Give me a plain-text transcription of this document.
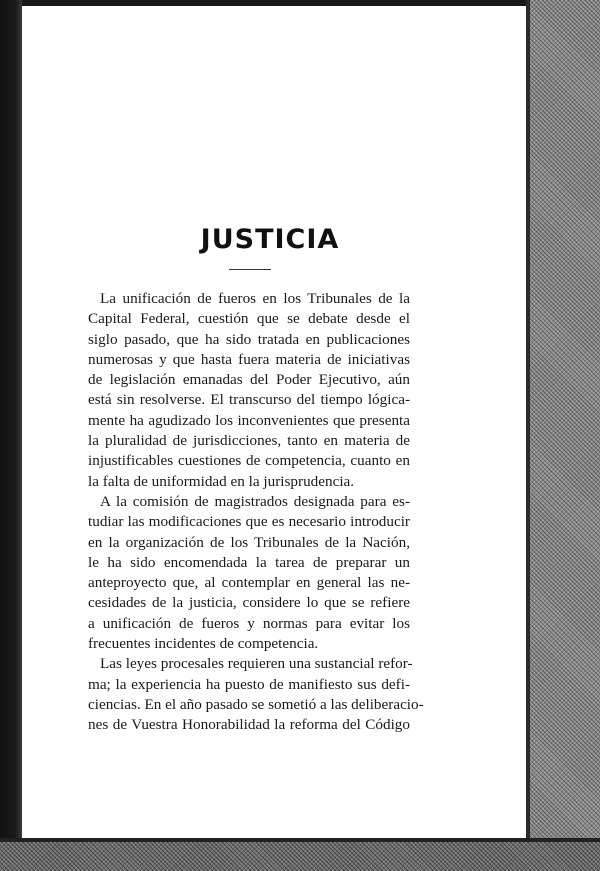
JUSTICIA
La unificación de fueros en los Tribunales de la
Capital Federal, cuestión que se debate desde el
siglo pasado, que ha sido tratada en publicaciones
numerosas y que hasta fuera materia de iniciativas
de legislación emanadas del Poder Ejecutivo, aún
está sin resolverse. El transcurso del tiempo lógica-
mente ha agudizado los inconvenientes que presenta
la pluralidad de jurisdicciones, tanto en materia de
injustificables cuestiones de competencia, cuanto en
la falta de uniformidad en la jurisprudencia.
A la comisión de magistrados designada para es-
tudiar las modificaciones que es necesario introducir
en la organización de los Tribunales de la Nación,
le ha sido encomendada la tarea de preparar un
anteproyecto que, al contemplar en general las ne-
cesidades de la justicia, considere lo que se refiere
a unificación de fueros y normas para evitar los
frecuentes incidentes de competencia.
Las leyes procesales requieren una sustancial refor-
ma; la experiencia ha puesto de manifiesto sus defi-
ciencias. En el año pasado se sometió a las deliberacio-
nes de Vuestra Honorabilidad la reforma del Código
